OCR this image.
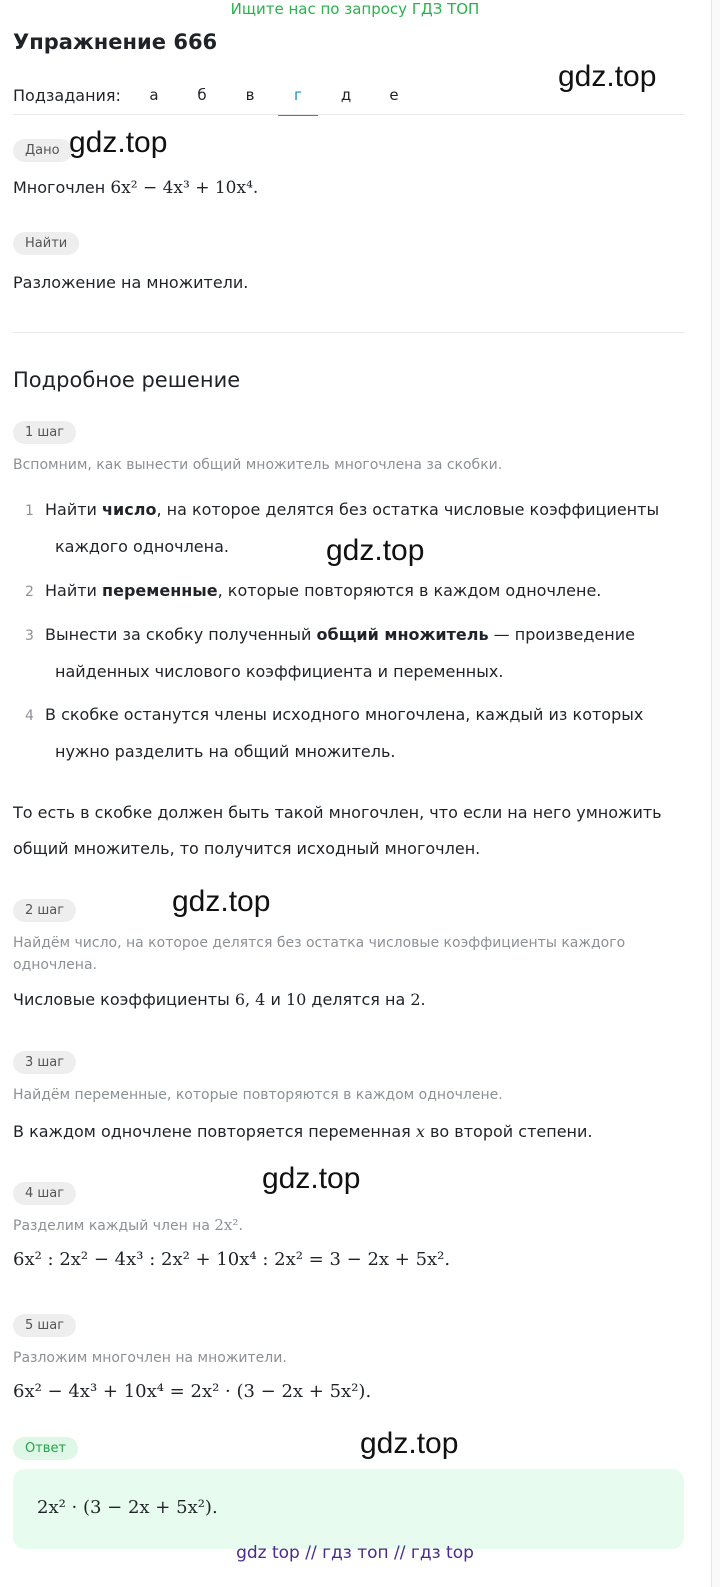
Ищите нас по запросу ГДЗ ТОП
Упражнение 666
Подзадания:	а	б	в	г	д	е
gdz.top
Дано gdz.top
Многочлен 6x² − 4x³ + 10x⁴.
Найти
Разложение на множители.
Подробное решение
1 шаг
Вспомним, как вынести общий множитель многочлена за скобки.
1 Найти число, на которое делятся без остатка числовые коэффициенты
каждого одночлена.	gdz.top
2 Найти переменные, которые повторяются в каждом одночлене.
3 Вынести за скобку полученный общий множитель — произведение
найденных числового коэффициента и переменных.
4 В скобке останутся члены исходного многочлена, каждый из которых
нужно разделить на общий множитель.
То есть в скобке должен быть такой многочлен, что если на него умножить
общий множитель, то получится исходный многочлен.
2 шаг	gdz.top
Найдём число, на которое делятся без остатка числовые коэффициенты каждого
одночлена.
Числовые коэффициенты 6, 4 и 10 делятся на 2.
3 шаг
Найдём переменные, которые повторяются в каждом одночлене.
В каждом одночлене повторяется переменная x во второй степени.
gdz.top
4 шаг
Разделим каждый член на 2x².
6x² : 2x² − 4x³ : 2x² + 10x⁴ : 2x² = 3 − 2x + 5x².
5 шаг
Разложим многочлен на множители.
6x² − 4x³ + 10x⁴ = 2x² · (3 − 2x + 5x²).
Ответ	gdz.top
2x² · (3 − 2x + 5x²).
gdz top // гдз топ // гдз top
